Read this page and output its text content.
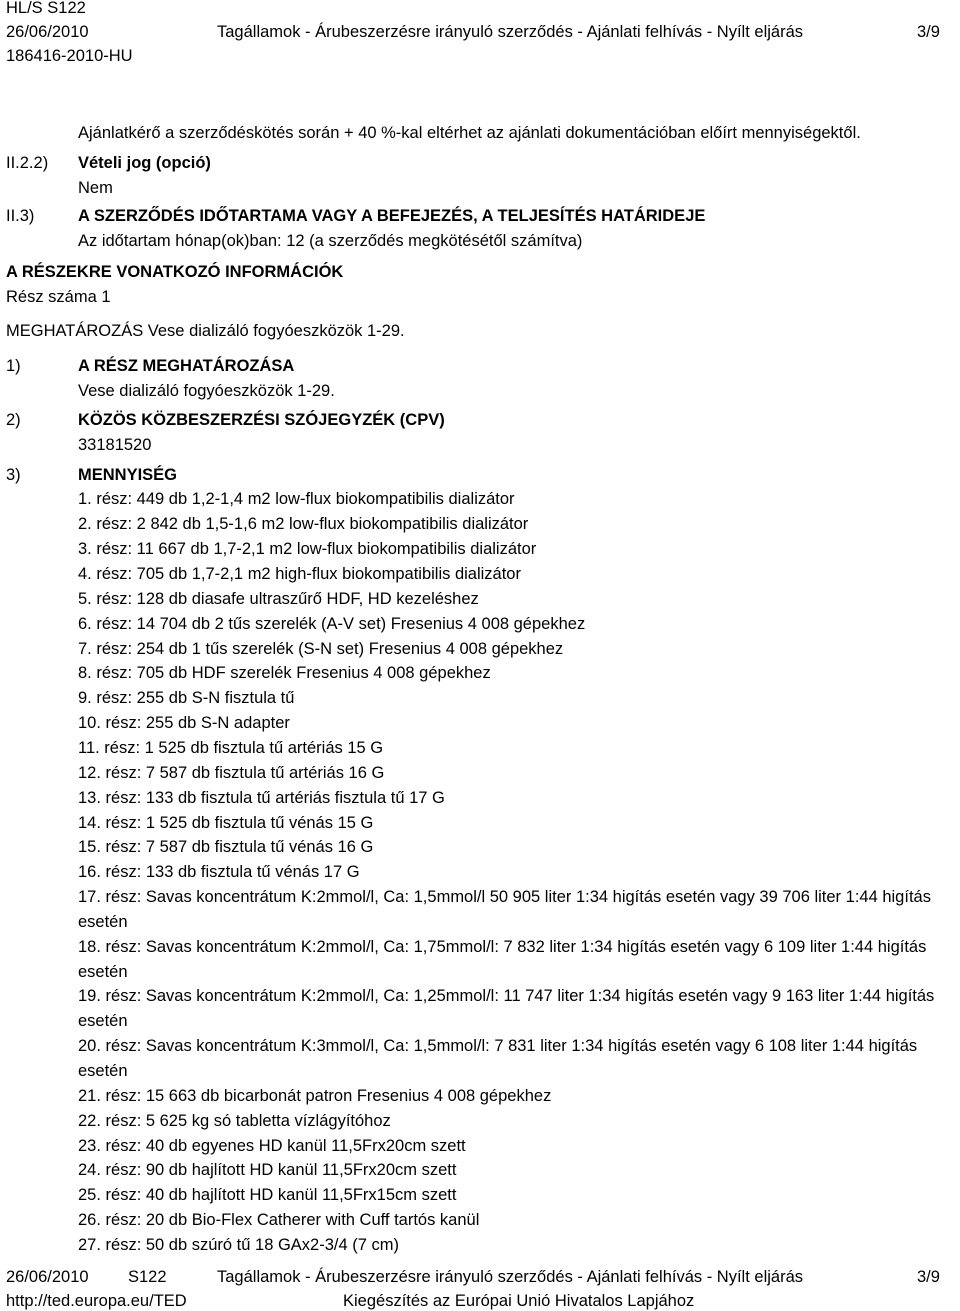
HL/S S122
26/06/2010	Tagállamok - Árubeszerzésre irányuló szerződés - Ajánlati felhívás - Nyílt eljárás	3/9
186416-2010-HU
Ajánlatkérő a szerződéskötés során + 40 %-kal eltérhet az ajánlati dokumentációban előírt mennyiségektől.
II.2.2) Vételi jog (opció)
Nem
II.3)	A SZERZŐDÉS IDŐTARTAMA VAGY A BEFEJEZÉS, A TELJESÍTÉS HATÁRIDEJE
Az időtartam hónap(ok)ban: 12 (a szerződés megkötésétől számítva)
A RÉSZEKRE VONATKOZÓ INFORMÁCIÓK
Rész száma 1
MEGHATÁROZÁS Vese dializáló fogyóeszközök 1-29.
1)	A RÉSZ MEGHATÁROZÁSA
Vese dializáló fogyóeszközök 1-29.
2)	KÖZÖS KÖZBESZERZÉSI SZÓJEGYZÉK (CPV)
33181520
3)	MENNYISÉG
1. rész: 449 db 1,2-1,4 m2 low-flux biokompatibilis dializátor
2. rész: 2 842 db 1,5-1,6 m2 low-flux biokompatibilis dializátor
3. rész: 11 667 db 1,7-2,1 m2 low-flux biokompatibilis dializátor
4. rész: 705 db 1,7-2,1 m2 high-flux biokompatibilis dializátor
5. rész: 128 db diasafe ultraszűrő HDF, HD kezeléshez
6. rész: 14 704 db 2 tűs szerelék (A-V set) Fresenius 4 008 gépekhez
7. rész: 254 db 1 tűs szerelék (S-N set) Fresenius 4 008 gépekhez
8. rész: 705 db HDF szerelék Fresenius 4 008 gépekhez
9. rész: 255 db S-N fisztula tű
10. rész: 255 db S-N adapter
11. rész: 1 525 db fisztula tű artériás 15 G
12. rész: 7 587 db fisztula tű artériás 16 G
13. rész: 133 db fisztula tű artériás fisztula tű 17 G
14. rész: 1 525 db fisztula tű vénás 15 G
15. rész: 7 587 db fisztula tű vénás 16 G
16. rész: 133 db fisztula tű vénás 17 G
17. rész: Savas koncentrátum K:2mmol/l, Ca: 1,5mmol/l 50 905 liter 1:34 higítás esetén vagy 39 706 liter 1:44 higítás esetén
18. rész: Savas koncentrátum K:2mmol/l, Ca: 1,75mmol/l: 7 832 liter 1:34 higítás esetén vagy 6 109 liter 1:44 higítás esetén
19. rész: Savas koncentrátum K:2mmol/l, Ca: 1,25mmol/l: 11 747 liter 1:34 higítás esetén vagy 9 163 liter 1:44 higítás esetén
20. rész: Savas koncentrátum K:3mmol/l, Ca: 1,5mmol/l: 7 831 liter 1:34 higítás esetén vagy 6 108 liter 1:44 higítás esetén
21. rész: 15 663 db bicarbonát patron Fresenius 4 008 gépekhez
22. rész: 5 625 kg só tabletta vízlágyítóhoz
23. rész: 40 db egyenes HD kanül 11,5Frx20cm szett
24. rész: 90 db hajlított HD kanül 11,5Frx20cm szett
25. rész: 40 db hajlított HD kanül 11,5Frx15cm szett
26. rész: 20 db Bio-Flex Catherer with Cuff tartós kanül
27. rész: 50 db szúró tű 18 GAx2-3/4 (7 cm)
26/06/2010 S122	Tagállamok - Árubeszerzésre irányuló szerződés - Ajánlati felhívás - Nyílt eljárás	3/9
http://ted.europa.eu/TED	Kiegészítés az Európai Unió Hivatalos Lapjához
